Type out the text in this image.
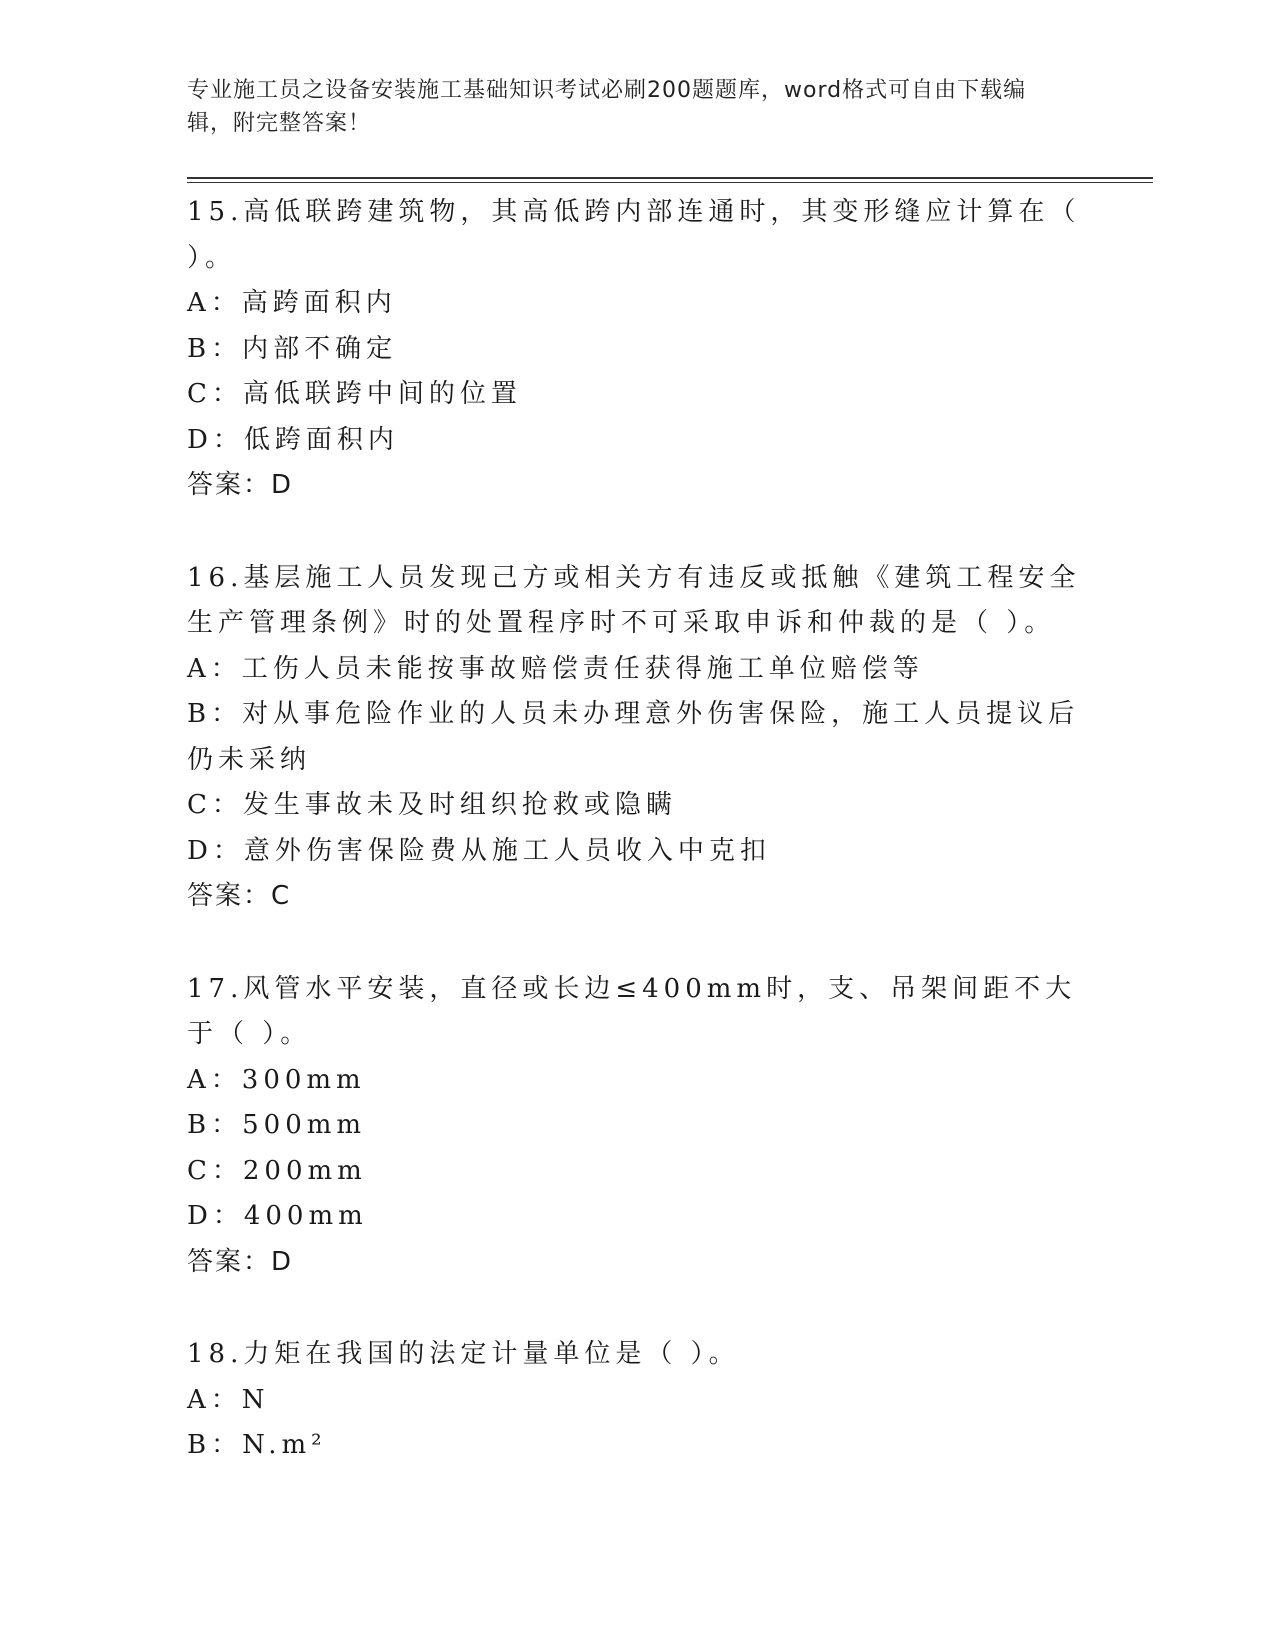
专业施工员之设备安装施工基础知识考试必刷200题题库，word格式可自由下载编辑，附完整答案！

15.高低联跨建筑物，其高低跨内部连通时，其变形缝应计算在（ ）。

A：高跨面积内

B：内部不确定

C：高低联跨中间的位置

D：低跨面积内

答案：D

16.基层施工人员发现己方或相关方有违反或抵触《建筑工程安全生产管理条例》时的处置程序时不可采取申诉和仲裁的是（ ）。

A：工伤人员未能按事故赔偿责任获得施工单位赔偿等

B：对从事危险作业的人员未办理意外伤害保险，施工人员提议后仍未采纳

C：发生事故未及时组织抢救或隐瞒

D：意外伤害保险费从施工人员收入中克扣

答案：C

17.风管水平安装，直径或长边≤400mm时，支、吊架间距不大于（ ）。

A：300mm

B：500mm

C：200mm

D：400mm

答案：D

18.力矩在我国的法定计量单位是（ ）。

A：N

B：N.m²
